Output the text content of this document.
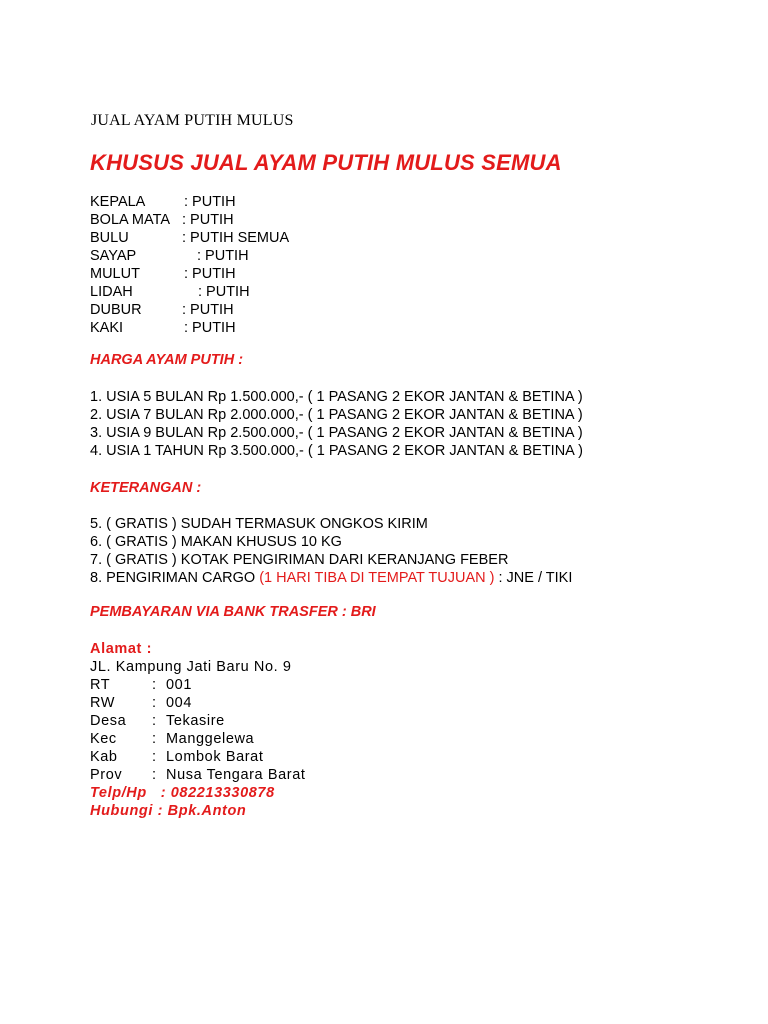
JUAL AYAM PUTIH MULUS
KHUSUS JUAL AYAM PUTIH MULUS SEMUA
KEPALA	: PUTIH
BOLA MATA : PUTIH
BULU	: PUTIH SEMUA
SAYAP	: PUTIH
MULUT	: PUTIH
LIDAH	: PUTIH
DUBUR	: PUTIH
KAKI	: PUTIH
HARGA AYAM PUTIH :
1. USIA 5 BULAN Rp 1.500.000,- ( 1 PASANG 2 EKOR JANTAN & BETINA )
2. USIA 7 BULAN Rp 2.000.000,- ( 1 PASANG 2 EKOR JANTAN & BETINA )
3. USIA 9 BULAN Rp 2.500.000,- ( 1 PASANG 2 EKOR JANTAN & BETINA )
4. USIA 1 TAHUN Rp 3.500.000,- ( 1 PASANG 2 EKOR JANTAN & BETINA )
KETERANGAN :
5. ( GRATIS ) SUDAH TERMASUK ONGKOS KIRIM
6. ( GRATIS ) MAKAN KHUSUS 10 KG
7. ( GRATIS ) KOTAK PENGIRIMAN DARI KERANJANG FEBER
8. PENGIRIMAN CARGO (1 HARI TIBA DI TEMPAT TUJUAN ) : JNE / TIKI
PEMBAYARAN VIA BANK TRASFER : BRI
Alamat :
JL. Kampung Jati Baru No. 9
RT	: 001
RW	: 004
Desa : Tekasire
Kec : Manggelewa
Kab : Lombok Barat
Prov : Nusa Tengara Barat
Telp/Hp   : 082213330878
Hubungi : Bpk.Anton
